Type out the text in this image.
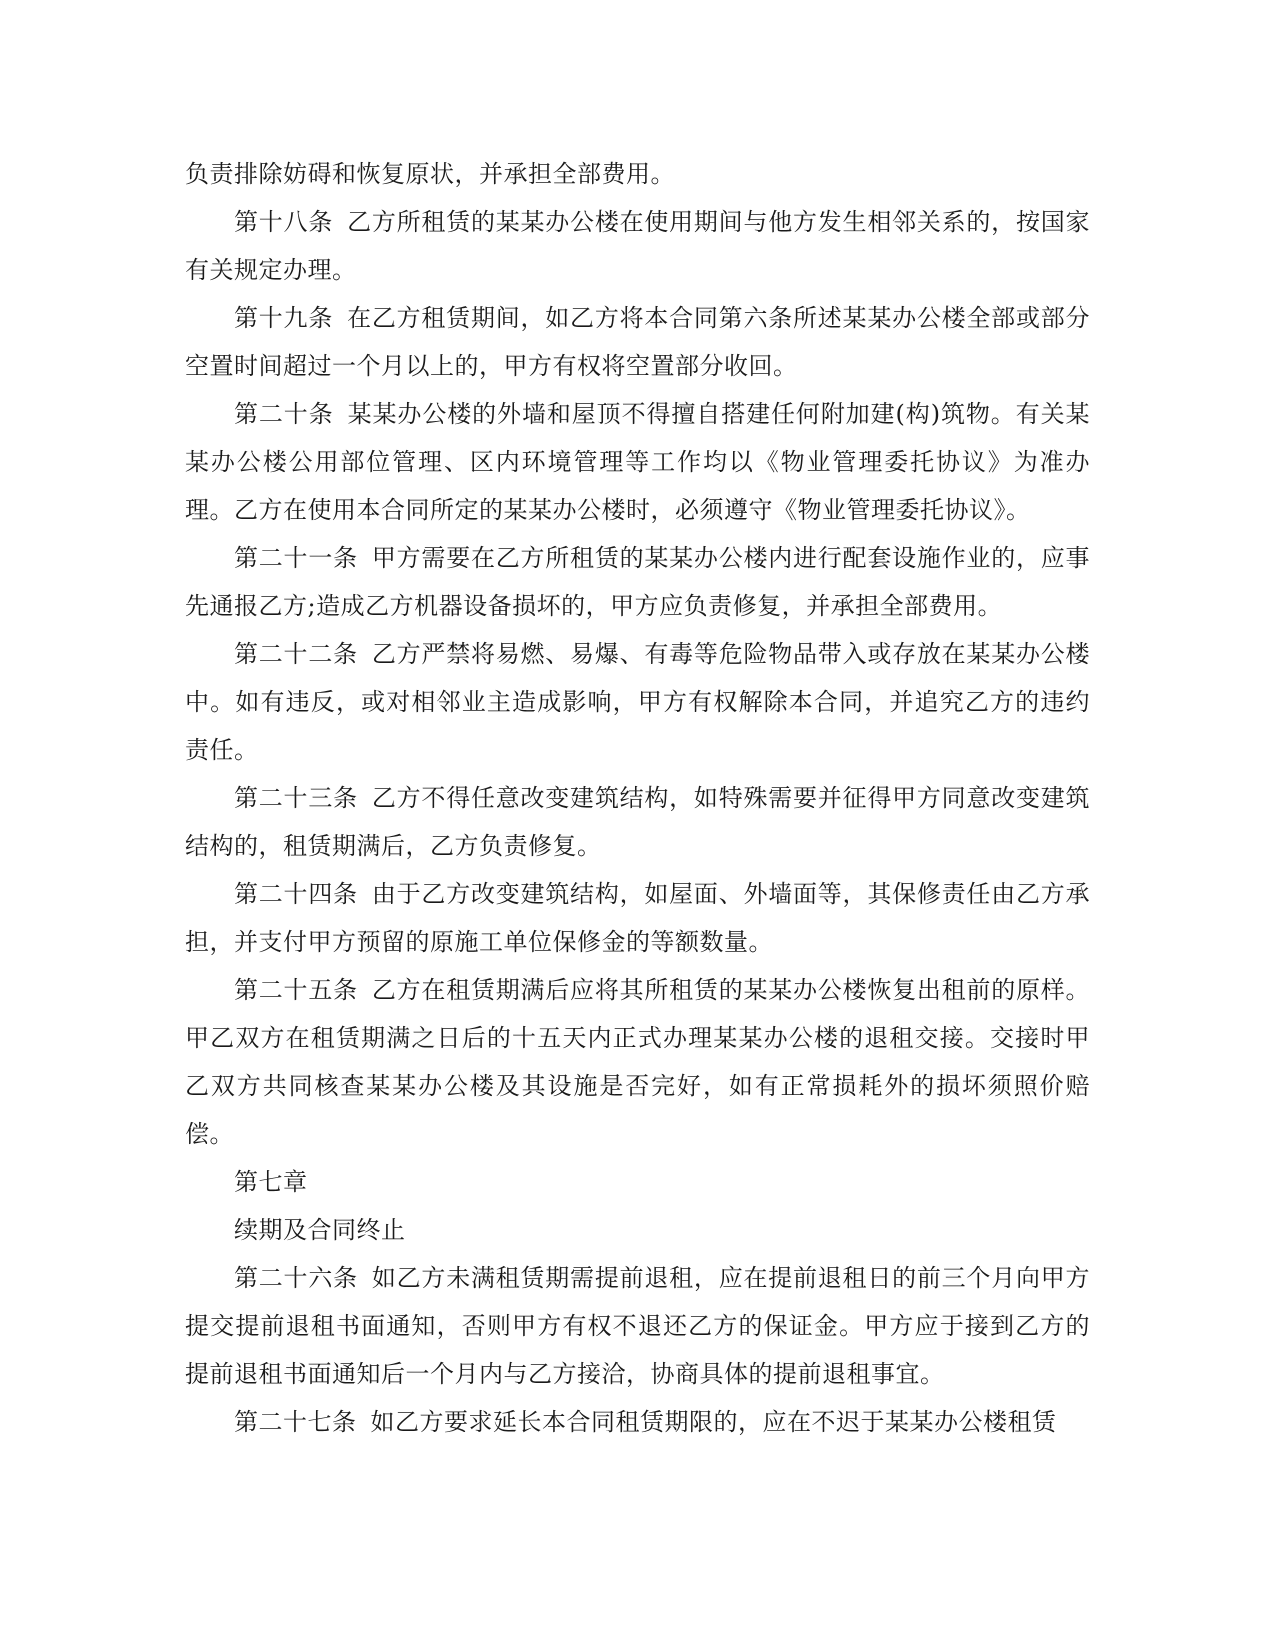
负责排除妨碍和恢复原状，并承担全部费用。

第十八条 乙方所租赁的某某办公楼在使用期间与他方发生相邻关系的，按国家有关规定办理。

第十九条 在乙方租赁期间，如乙方将本合同第六条所述某某办公楼全部或部分空置时间超过一个月以上的，甲方有权将空置部分收回。

第二十条 某某办公楼的外墙和屋顶不得擅自搭建任何附加建(构)筑物。有关某某办公楼公用部位管理、区内环境管理等工作均以《物业管理委托协议》为准办理。乙方在使用本合同所定的某某办公楼时，必须遵守《物业管理委托协议》。

第二十一条 甲方需要在乙方所租赁的某某办公楼内进行配套设施作业的，应事先通报乙方;造成乙方机器设备损坏的，甲方应负责修复，并承担全部费用。

第二十二条 乙方严禁将易燃、易爆、有毒等危险物品带入或存放在某某办公楼中。如有违反，或对相邻业主造成影响，甲方有权解除本合同，并追究乙方的违约责任。

第二十三条 乙方不得任意改变建筑结构，如特殊需要并征得甲方同意改变建筑结构的，租赁期满后，乙方负责修复。

第二十四条 由于乙方改变建筑结构，如屋面、外墙面等，其保修责任由乙方承担，并支付甲方预留的原施工单位保修金的等额数量。

第二十五条 乙方在租赁期满后应将其所租赁的某某办公楼恢复出租前的原样。甲乙双方在租赁期满之日后的十五天内正式办理某某办公楼的退租交接。交接时甲乙双方共同核查某某办公楼及其设施是否完好，如有正常损耗外的损坏须照价赔偿。

第七章

续期及合同终止

第二十六条 如乙方未满租赁期需提前退租，应在提前退租日的前三个月向甲方提交提前退租书面通知，否则甲方有权不退还乙方的保证金。甲方应于接到乙方的提前退租书面通知后一个月内与乙方接洽，协商具体的提前退租事宜。

第二十七条 如乙方要求延长本合同租赁期限的，应在不迟于某某办公楼租赁
